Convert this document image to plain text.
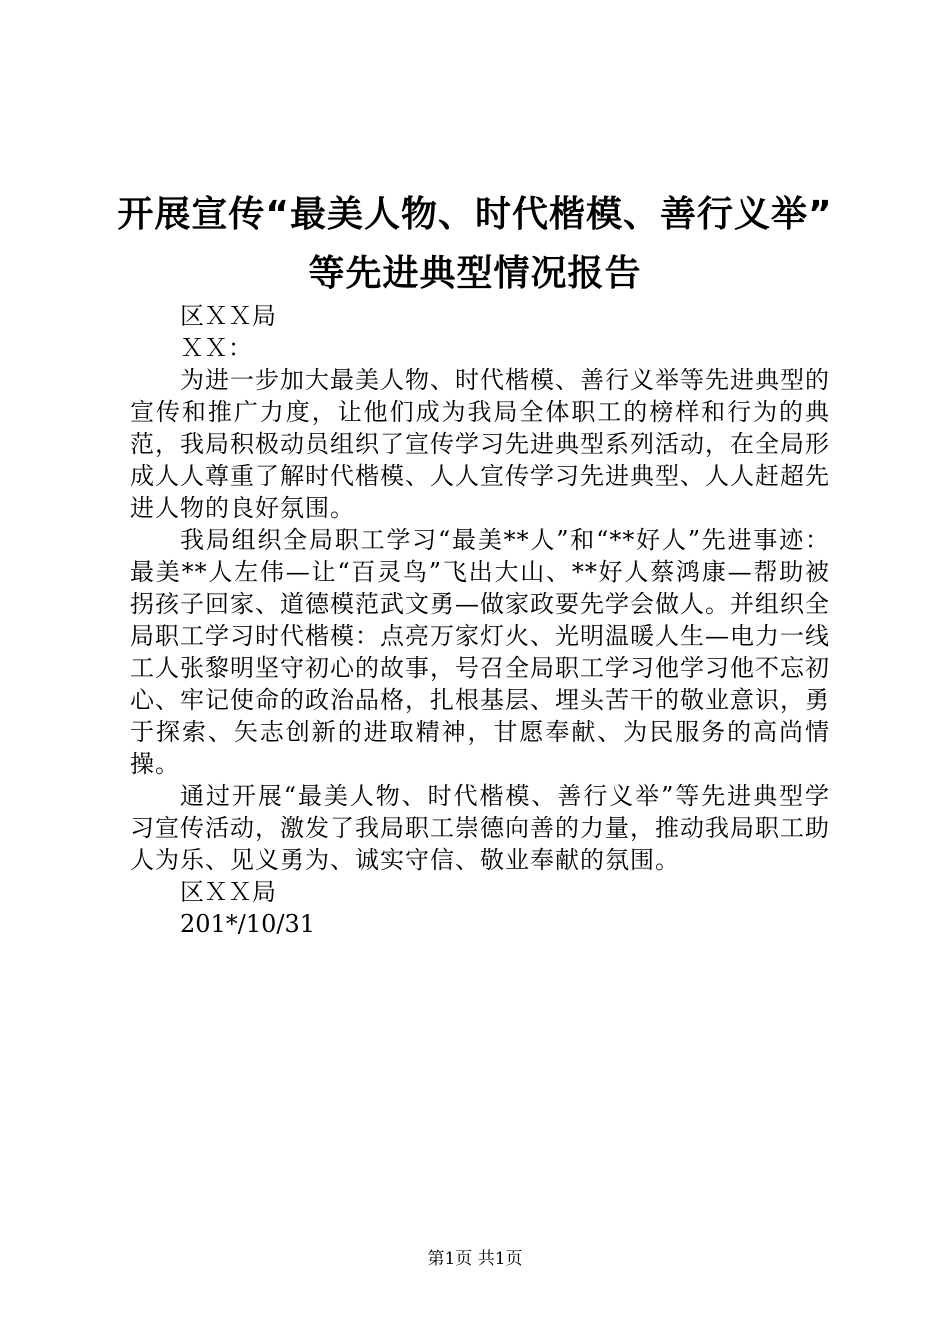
开展宣传“最美人物、时代楷模、善行义举”
等先进典型情况报告
区ＸＸ局
ＸＸ：
为进一步加大最美人物、时代楷模、善行义举等先进典型的宣传和推广力度，让他们成为我局全体职工的榜样和行为的典范，我局积极动员组织了宣传学习先进典型系列活动，在全局形成人人尊重了解时代楷模、人人宣传学习先进典型、人人赶超先进人物的良好氛围。
我局组织全局职工学习“最美**人”和“**好人”先进事迹：最美**人左伟—让“百灵鸟”飞出大山、**好人蔡鸿康—帮助被拐孩子回家、道德模范武文勇—做家政要先学会做人。并组织全局职工学习时代楷模：点亮万家灯火、光明温暖人生—电力一线工人张黎明坚守初心的故事，号召全局职工学习他学习他不忘初心、牢记使命的政治品格，扎根基层、埋头苦干的敬业意识，勇于探索、矢志创新的进取精神，甘愿奉献、为民服务的高尚情操。
通过开展“最美人物、时代楷模、善行义举”等先进典型学习宣传活动，激发了我局职工崇德向善的力量，推动我局职工助人为乐、见义勇为、诚实守信、敬业奉献的氛围。
区ＸＸ局
201*/10/31
第1页 共1页
